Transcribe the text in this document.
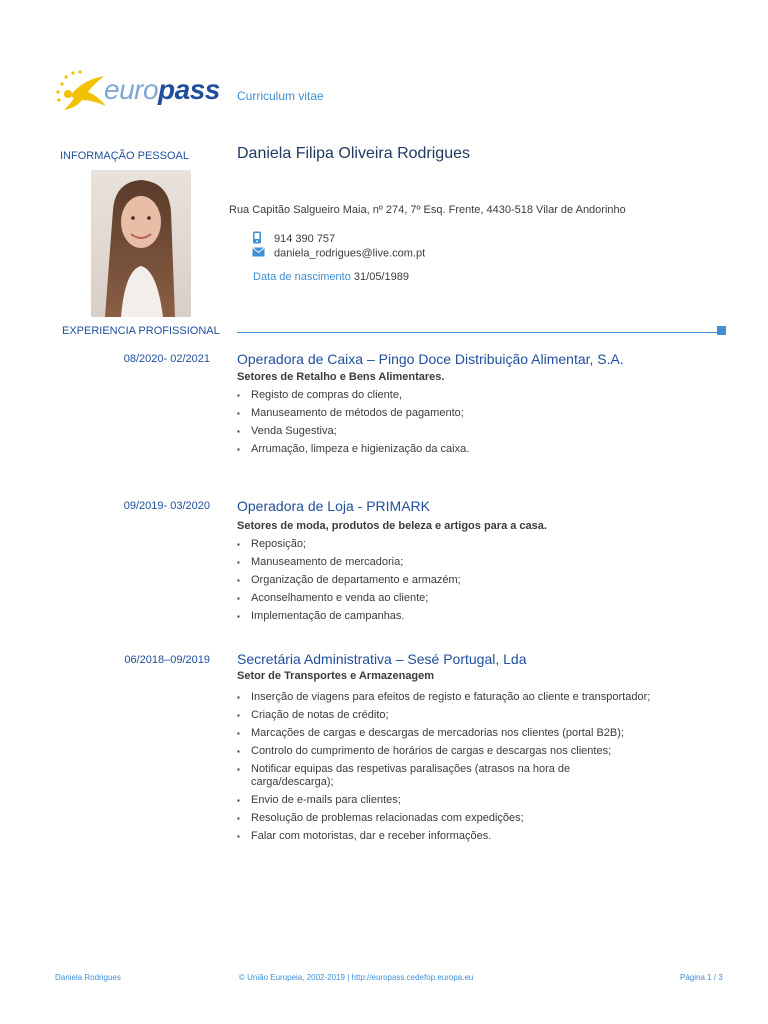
europass Curriculum vitae
INFORMAÇÃO PESSOAL	Daniela Filipa Oliveira Rodrigues
Rua Capitão Salgueiro Maia, nº 274, 7º Esq. Frente, 4430-518 Vilar de Andorinho
914 390 757
daniela_rodrigues@live.com.pt
Data de nascimento 31/05/1989
EXPERIENCIA PROFISSIONAL
08/2020- 02/2021 Operadora de Caixa – Pingo Doce Distribuição Alimentar, S.A.
Setores de Retalho e Bens Alimentares.
▪ Registo de compras do cliente,
▪ Manuseamento de métodos de pagamento;
▪ Venda Sugestiva;
▪ Arrumação, limpeza e higienização da caixa.
09/2019- 03/2020 Operadora de Loja - PRIMARK
Setores de moda, produtos de beleza e artigos para a casa.
▪ Reposição;
▪ Manuseamento de mercadoria;
▪ Organização de departamento e armazém;
▪ Aconselhamento e venda ao cliente;
▪ Implementação de campanhas.
06/2018–09/2019 Secretária Administrativa – Sesé Portugal, Lda
Setor de Transportes e Armazenagem
▪ Inserção de viagens para efeitos de registo e faturação ao cliente e transportador;
▪ Criação de notas de crédito;
▪ Marcações de cargas e descargas de mercadorias nos clientes (portal B2B);
▪ Controlo do cumprimento de horários de cargas e descargas nos clientes;
▪ Notificar equipas das respetivas paralisações (atrasos na hora de carga/descarga);
▪ Envio de e-mails para clientes;
▪ Resolução de problemas relacionadas com expedições;
▪ Falar com motoristas, dar e receber informações.
Daniela Rodrigues	© União Europeia, 2002-2019 | http://europass.cedefop.europa.eu	Página 1 / 3
